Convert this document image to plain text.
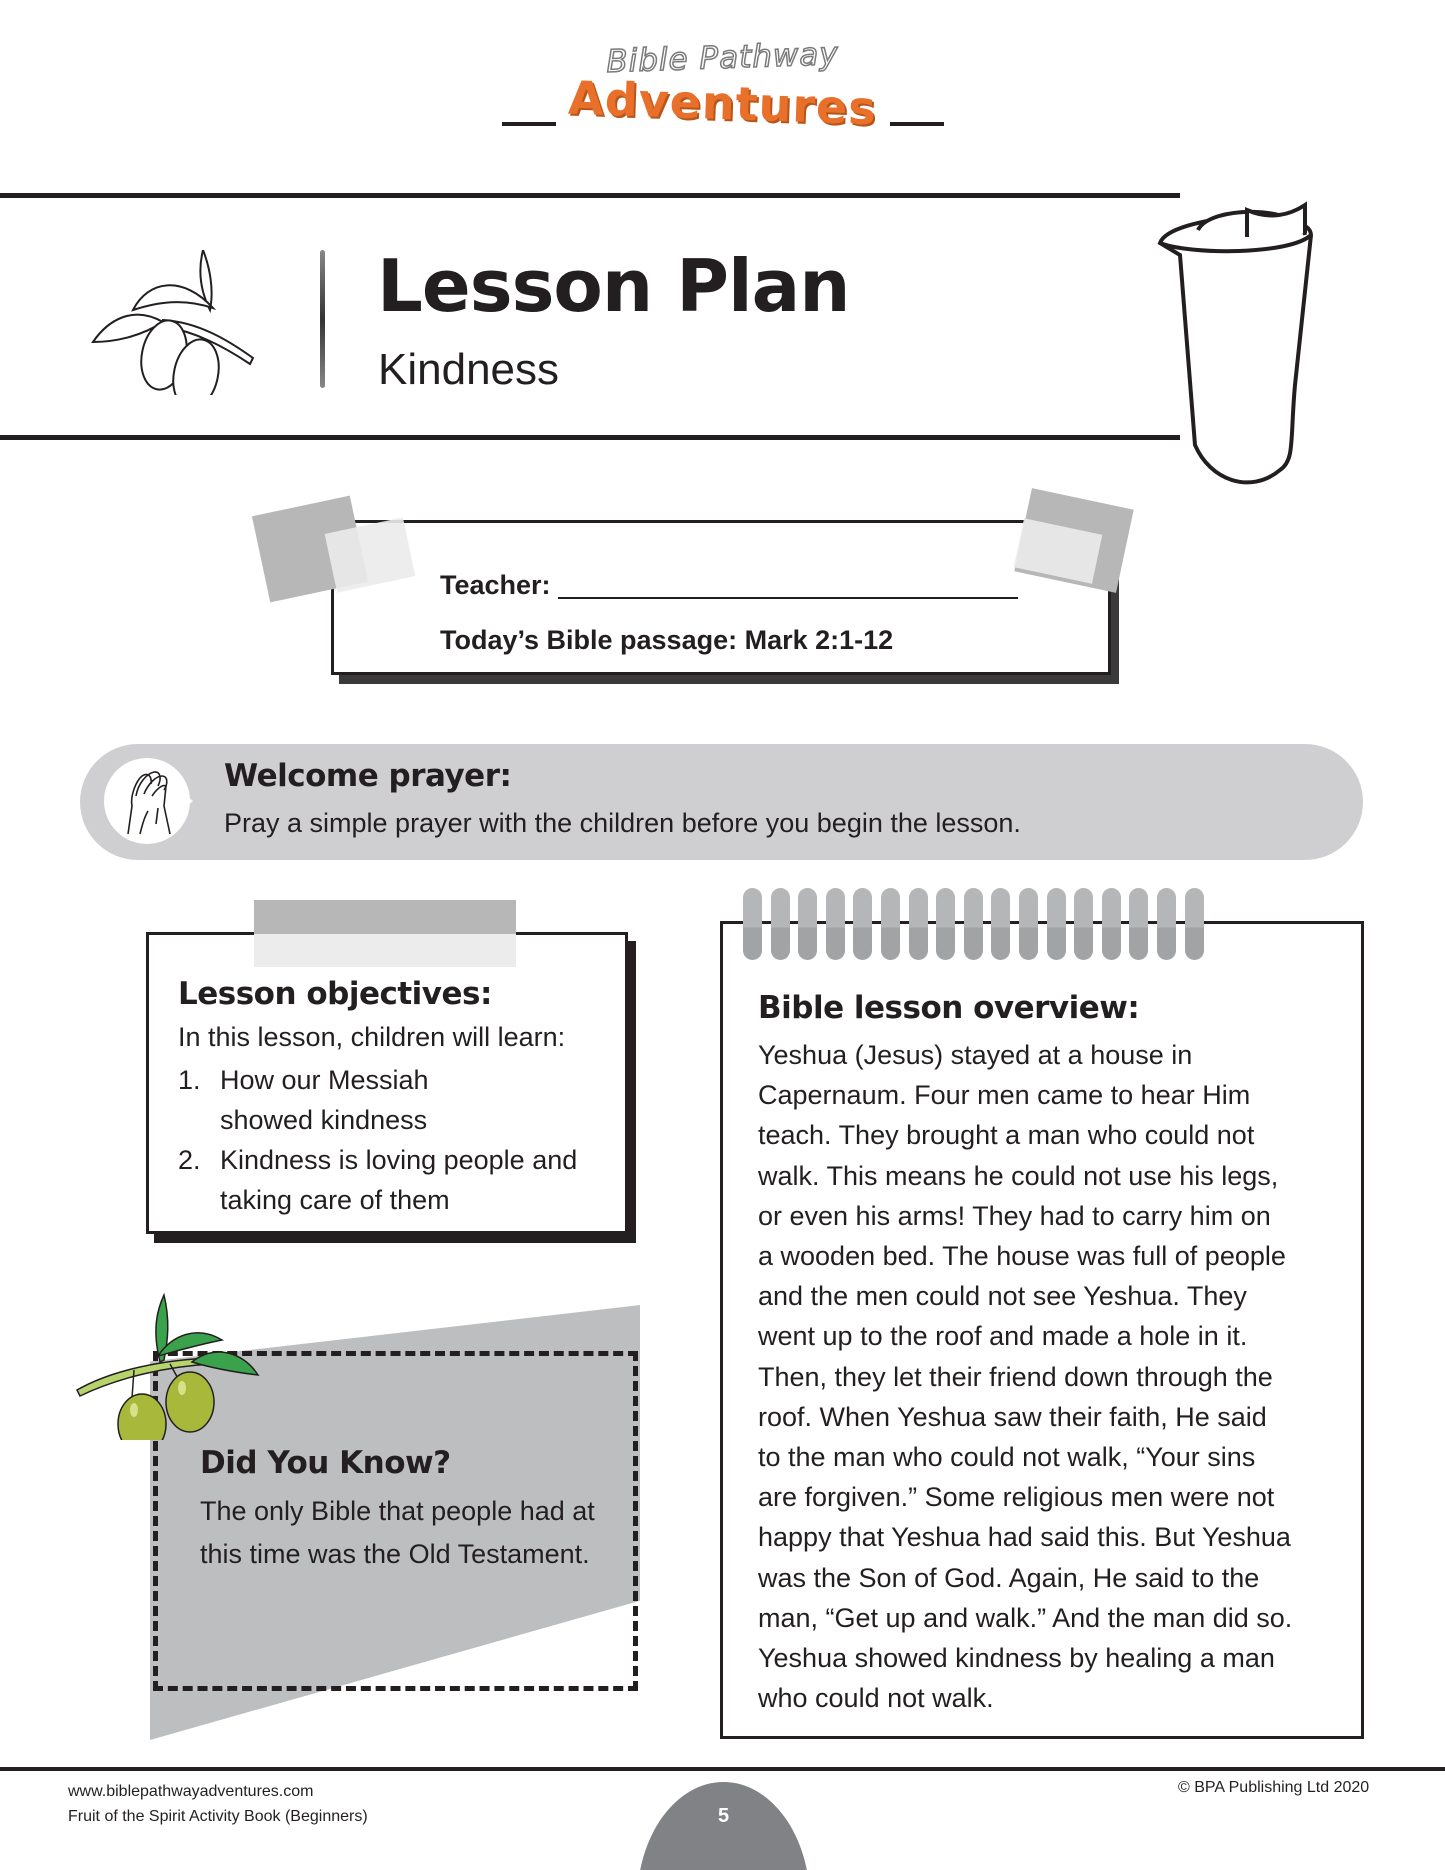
Bible Pathway
Adventures
Lesson Plan
Kindness
Teacher:
Today’s Bible passage: Mark 2:1-12
Welcome prayer:
Pray a simple prayer with the children before you begin the lesson.
Lesson objectives:
In this lesson, children will learn:
1. How our Messiah showed kindness
2. Kindness is loving people and taking care of them
Did You Know?
The only Bible that people had at this time was the Old Testament.
Bible lesson overview:
Yeshua (Jesus) stayed at a house in
Capernaum. Four men came to hear Him
teach. They brought a man who could not
walk. This means he could not use his legs,
or even his arms! They had to carry him on
a wooden bed. The house was full of people
and the men could not see Yeshua. They
went up to the roof and made a hole in it.
Then, they let their friend down through the
roof. When Yeshua saw their faith, He said
to the man who could not walk, “Your sins
are forgiven.” Some religious men were not
happy that Yeshua had said this. But Yeshua
was the Son of God. Again, He said to the
man, “Get up and walk.” And the man did so.
Yeshua showed kindness by healing a man
who could not walk.
www.biblepathwayadventures.com
Fruit of the Spirit Activity Book (Beginners)	5
© BPA Publishing Ltd 2020
